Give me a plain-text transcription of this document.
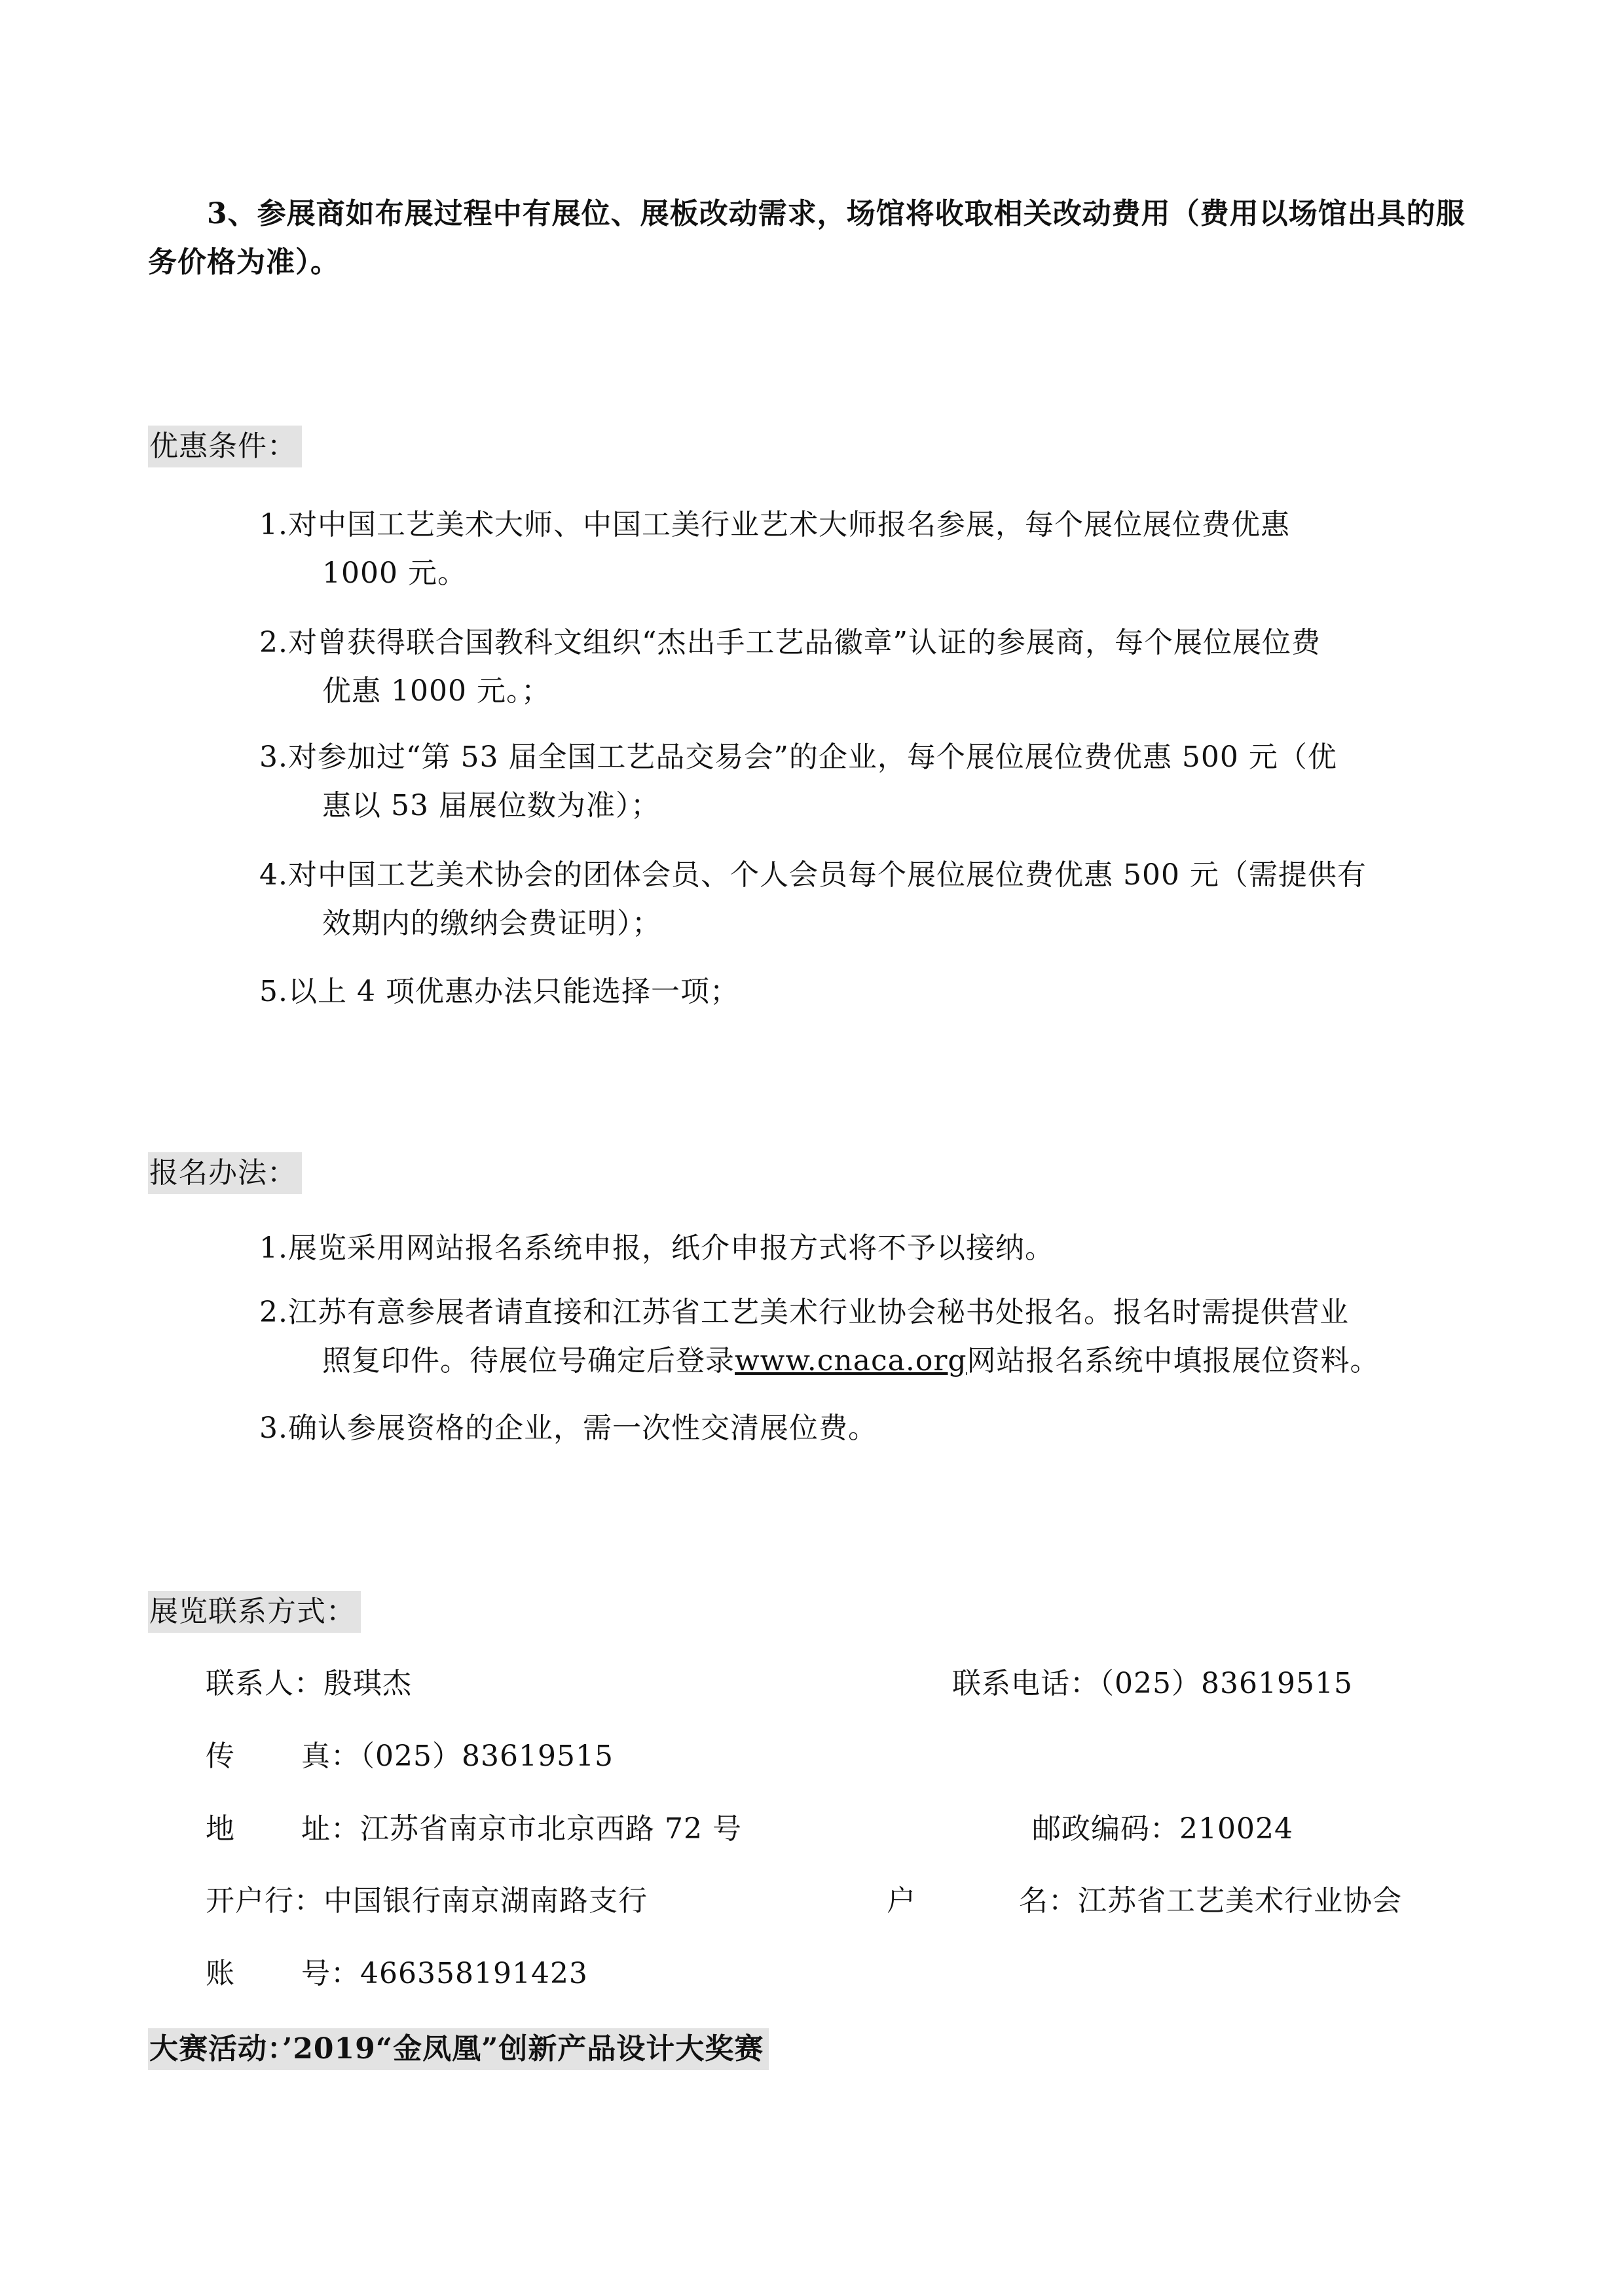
3、参展商如布展过程中有展位、展板改动需求，场馆将收取相关改动费用（费用以场馆出具的服务价格为准）。
优惠条件：
1.对中国工艺美术大师、中国工美行业艺术大师报名参展，每个展位展位费优惠
1000 元。
2.对曾获得联合国教科文组织“杰出手工艺品徽章”认证的参展商，每个展位展位费
优惠 1000 元。；
3.对参加过“第 53 届全国工艺品交易会”的企业，每个展位展位费优惠 500 元（优
惠以 53 届展位数为准）；
4.对中国工艺美术协会的团体会员、个人会员每个展位展位费优惠 500 元（需提供有
效期内的缴纳会费证明）；
5.以上 4 项优惠办法只能选择一项；
报名办法：
1.展览采用网站报名系统申报，纸介申报方式将不予以接纳。
2.江苏有意参展者请直接和江苏省工艺美术行业协会秘书处报名。报名时需提供营业
照复印件。待展位号确定后登录www.cnaca.org网站报名系统中填报展位资料。
3.确认参展资格的企业，需一次性交清展位费。
展览联系方式：
联系人：殷琪杰	联系电话：（025）83619515
传 真：（025）83619515
地 址：江苏省南京市北京西路 72 号	邮政编码：210024
开户行：中国银行南京湖南路支行	户	名：江苏省工艺美术行业协会
账 号：466358191423
大赛活动：’2019“金凤凰”创新产品设计大奖赛
